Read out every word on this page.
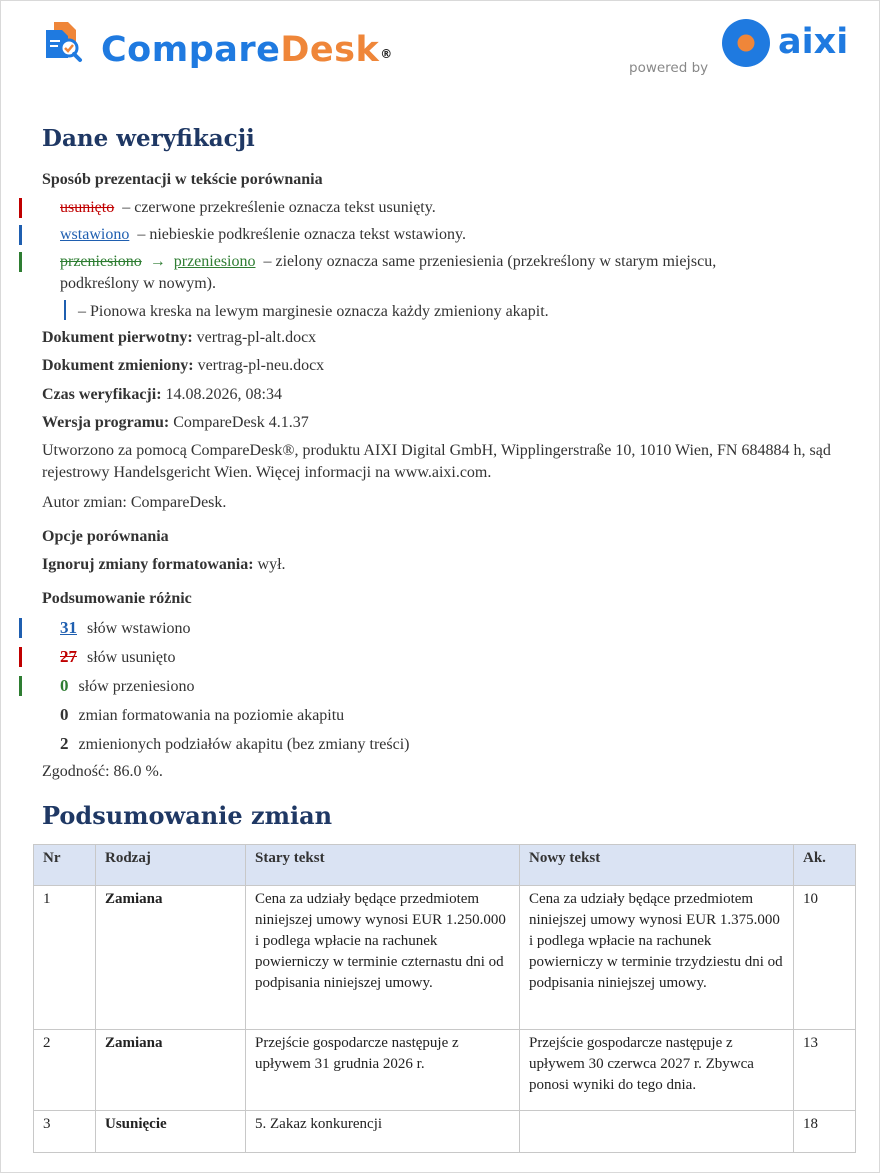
CompareDesk®
powered by
aixi
Dane weryfikacji
Sposób prezentacji w tekście porównania
usunięto – czerwone przekreślenie oznacza tekst usunięty.
wstawiono – niebieskie podkreślenie oznacza tekst wstawiony.
przeniesiono → przeniesiono – zielony oznacza same przeniesienia (przekreślony w starym miejscu,
podkreślony w nowym).
– Pionowa kreska na lewym marginesie oznacza każdy zmieniony akapit.
Dokument pierwotny: vertrag-pl-alt.docx
Dokument zmieniony: vertrag-pl-neu.docx
Czas weryfikacji: 14.08.2026, 08:34
Wersja programu: CompareDesk 4.1.37
Utworzono za pomocą CompareDesk®, produktu AIXI Digital GmbH, Wipplingerstraße 10, 1010 Wien, FN 684884 h, sąd rejestrowy Handelsgericht Wien. Więcej informacji na www.aixi.com.
Autor zmian: CompareDesk.
Opcje porównania
Ignoruj zmiany formatowania: wył.
Podsumowanie różnic
31 słów wstawiono
27 słów usunięto
0 słów przeniesiono
0 zmian formatowania na poziomie akapitu
2 zmienionych podziałów akapitu (bez zmiany treści)
Zgodność: 86.0 %.
Podsumowanie zmian
Nr	Rodzaj	Stary tekst	Nowy tekst	Ak.
1	Zamiana	Cena za udziały będące przedmiotem niniejszej umowy wynosi EUR 1.250.000 i podlega wpłacie na rachunek powierniczy w terminie czternastu dni od podpisania niniejszej umowy.	Cena za udziały będące przedmiotem niniejszej umowy wynosi EUR 1.375.000 i podlega wpłacie na rachunek powierniczy w terminie trzydziestu dni od podpisania niniejszej umowy.	10
2	Zamiana	Przejście gospodarcze następuje z upływem 31 grudnia 2026 r.	Przejście gospodarcze następuje z upływem 30 czerwca 2027 r. Zbywca ponosi wyniki do tego dnia.	13
3	Usunięcie	5. Zakaz konkurencji		18
